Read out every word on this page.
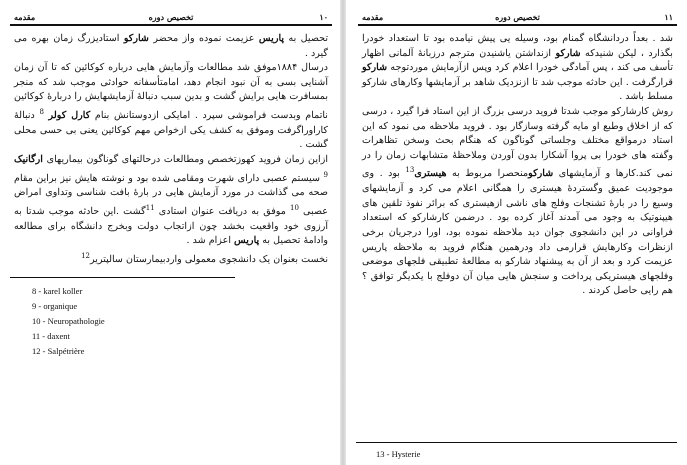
۱۰
تخصیص دوره
مقدمه

تحصیل به پاریس عزیمت نموده واز محضر شارکو استادیزرگ زمان بهره می گیرد .

درسال ۱۸۸۴موفق شد مطالعات وآزمایش هایی درباره کوکائین که تا آن زمان آشنایی بسی به آن نبود انجام دهد، امامتأسفانه حوادثی موجب شد که منجر بمسافرت هایی برایش گشت و بدین سبب دنبالهٔ آزمایشهایش را دربارهٔ کوکائین ناتمام وبدست فراموشی سپرد . امایکی ازدوستانش بنام کارل کولر $^8$ دنبالهٔ کاراوراگرفت وموفق به کشف یکی ازخواص مهم کوکائین یعنی بی حسی محلی گشت .

ازاین زمان فروید کهوزتخصص ومطالعات درحالتهای گوناگون بیماریهای ارگانیک $^9$ سیستم عصبی دارای شهرت ومقامی شده بود و نوشته هایش نیز براین مقام صحه می گذاشت در مورد آزمایش هایی در بارهٔ بافت شناسی وتداوی امراض عصبی $^{10}$ موفق به دریافت عنوان استادی $^{11}$گشت .این حادثه موجب شدتا به آرزوی خود واقعیت بخشد چون ازاتجاب دولت وبخرج دانشگاه برای مطالعه وادامهٔ تحصیل به پاریس اعزام شد .

نخست بعنوان یک دانشجوی معمولی واردبیمارستان سالپتریر$^{12}$

8 - karel koller
9 - organique
10 - Neuropathologie
11 - daxent
12 - Salpétrière
۱۱
تخصیص دوره
مقدمه

شد . بعداً دردانشگاه گمنام بود، وسیله یی پیش نیامده بود تا استعداد خودرا بگذارد ، لیکن شنیدکه شارکو ازنداشتن یاشنیدن مترجم درزبانهٔ آلمانی اظهار تأسف می کند ، پس آمادگی خودرا اعلام کرد وپس ازآزمایش موردتوجه شارکو قرارگرفت . این حادثه موجب شد تا ازنزدیک شاهد بر آزمایشها وکارهای شارکو مسلط باشد .

روش کارشارکو موجب شدتا فروید درسی بزرگ از این استاد فرا گیرد ، درسی که از اخلاق وطبع او مایه گرفته وسازگار بود . فروید ملاحظه می نمود که این استاد درمواقع مختلف وجلساتی گوناگون که هنگام بحث وسخن تظاهرات وگفته های خودرا بی پروا آشکارا بدون آوردن وملاحظهٔ متشابهات زمان را در نمی کند.کارها و آزمایشهای شارکومنحصرا مربوط به هیستری$^{13}$ بود . وی موجودیت عمیق وگستردهٔ هیستری را همگانی اعلام می کرد و آزمایشهای وسیع را در بارهٔ تشنجات وفلج های ناشی ازهیستری که برائر نفوذ تلقین های هیپنوتیک به وجود می آمدند آغاز کرده بود . درضمن کارشارکو که استعداد فراوانی در این دانشجوی جوان دید ملاحظه نموده بود، اورا درجریان برخی ازنظرات وکارهایش قرارمی داد ودرهمین هنگام فروید به ملاحظه پاریس عزیمت کرد و بعد از آن به پیشنهاد شارکو به مطالعهٔ تطبیقی فلجهای موضعی وفلجهای هیستریکی پرداخت و سنجش هایی میان آن دوفلج با یکدیگر توافق ؟ هم رایی حاصل کردند .

13 - Hysterie
